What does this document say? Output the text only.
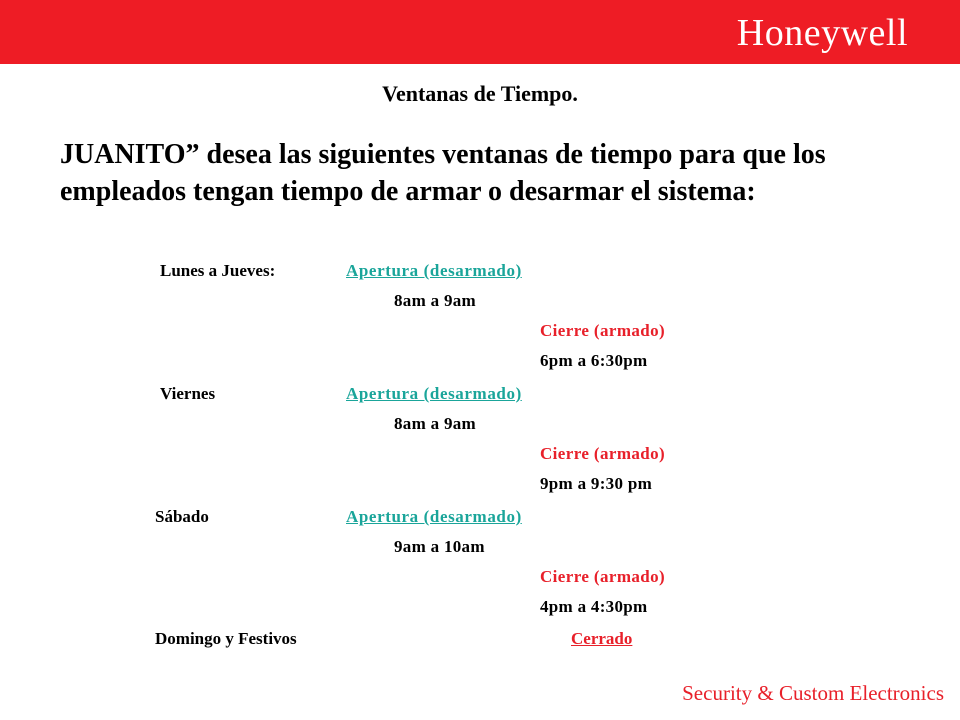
Honeywell
Ventanas de Tiempo.

JUANITO” desea las siguientes ventanas de tiempo para que los empleados tengan tiempo de armar o desarmar el sistema:

Lunes a Jueves:	Apertura (desarmado)
8am a 9am
Cierre (armado)
6pm a 6:30pm
Viernes	Apertura (desarmado)
8am a 9am
Cierre (armado)
9pm a 9:30 pm
Sábado	Apertura (desarmado)
9am a 10am
Cierre (armado)
4pm a 4:30pm
Domingo y Festivos	Cerrado
Security & Custom Electronics
